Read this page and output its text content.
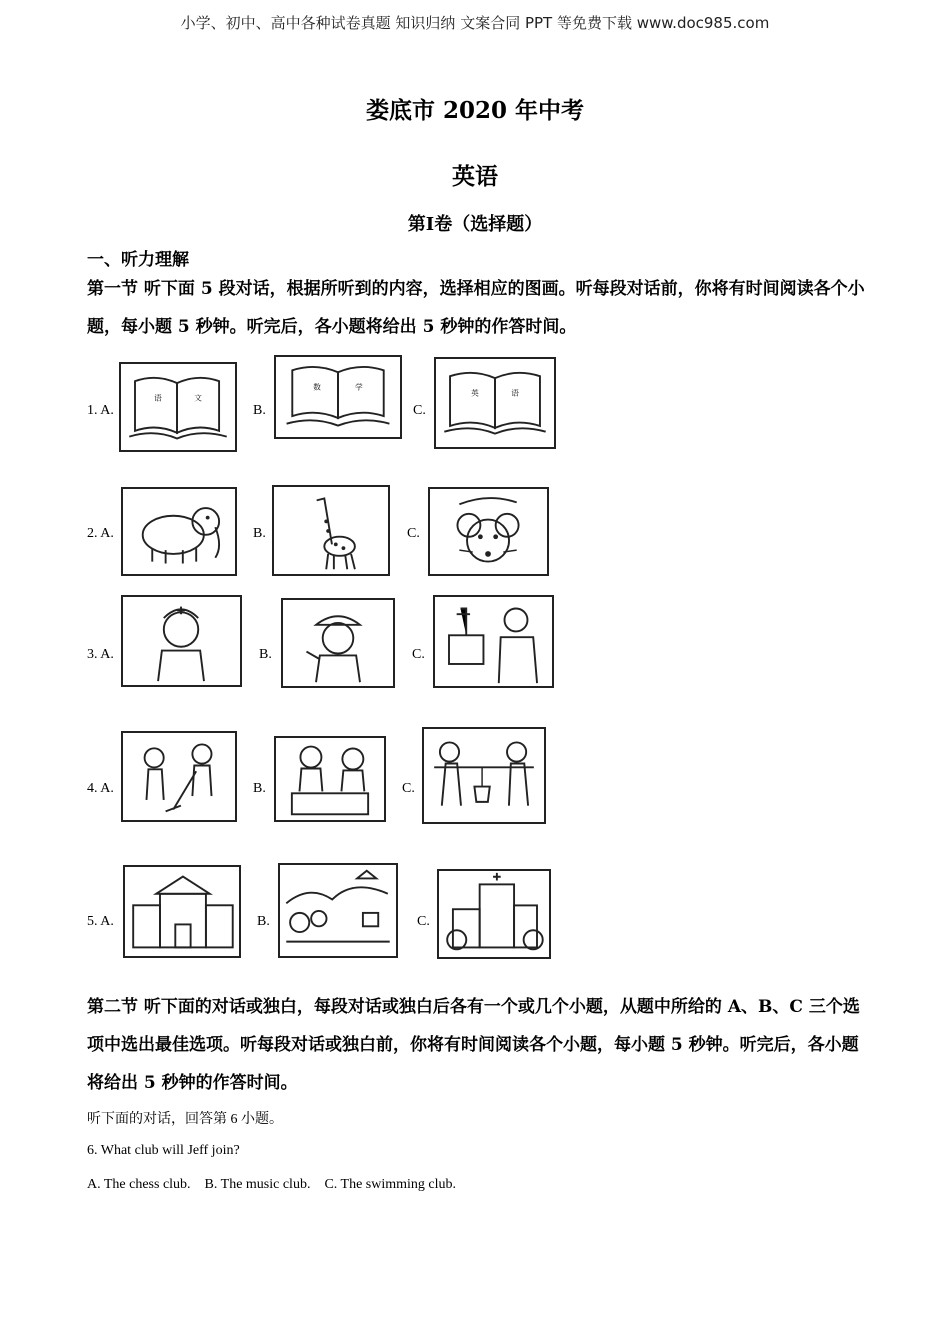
小学、初中、高中各种试卷真题 知识归纳 文案合同 PPT 等免费下载 www.doc985.com
娄底市 2020 年中考
英语
第Ⅰ卷（选择题）
一、听力理解
第一节 听下面 5 段对话，根据所听到的内容，选择相应的图画。听每段对话前，你将有时间阅读各个小题，每小题 5 秒钟。听完后，各小题将给出 5 秒钟的作答时间。
1. A.
语	文
B.
数	学
C.
英	语
2. A.	B.	C.
3. A.	B.	C.
4. A.	B.	C.
5. A.	B.	C.
第二节 听下面的对话或独白，每段对话或独白后各有一个或几个小题，从题中所给的 A、B、C 三个选项中选出最佳选项。听每段对话或独白前，你将有时间阅读各个小题，每小题 5 秒钟。听完后，各小题将给出 5 秒钟的作答时间。
听下面的对话，回答第 6 小题。
6. What club will Jeff join?
A. The chess club.    B. The music club.    C. The swimming club.
